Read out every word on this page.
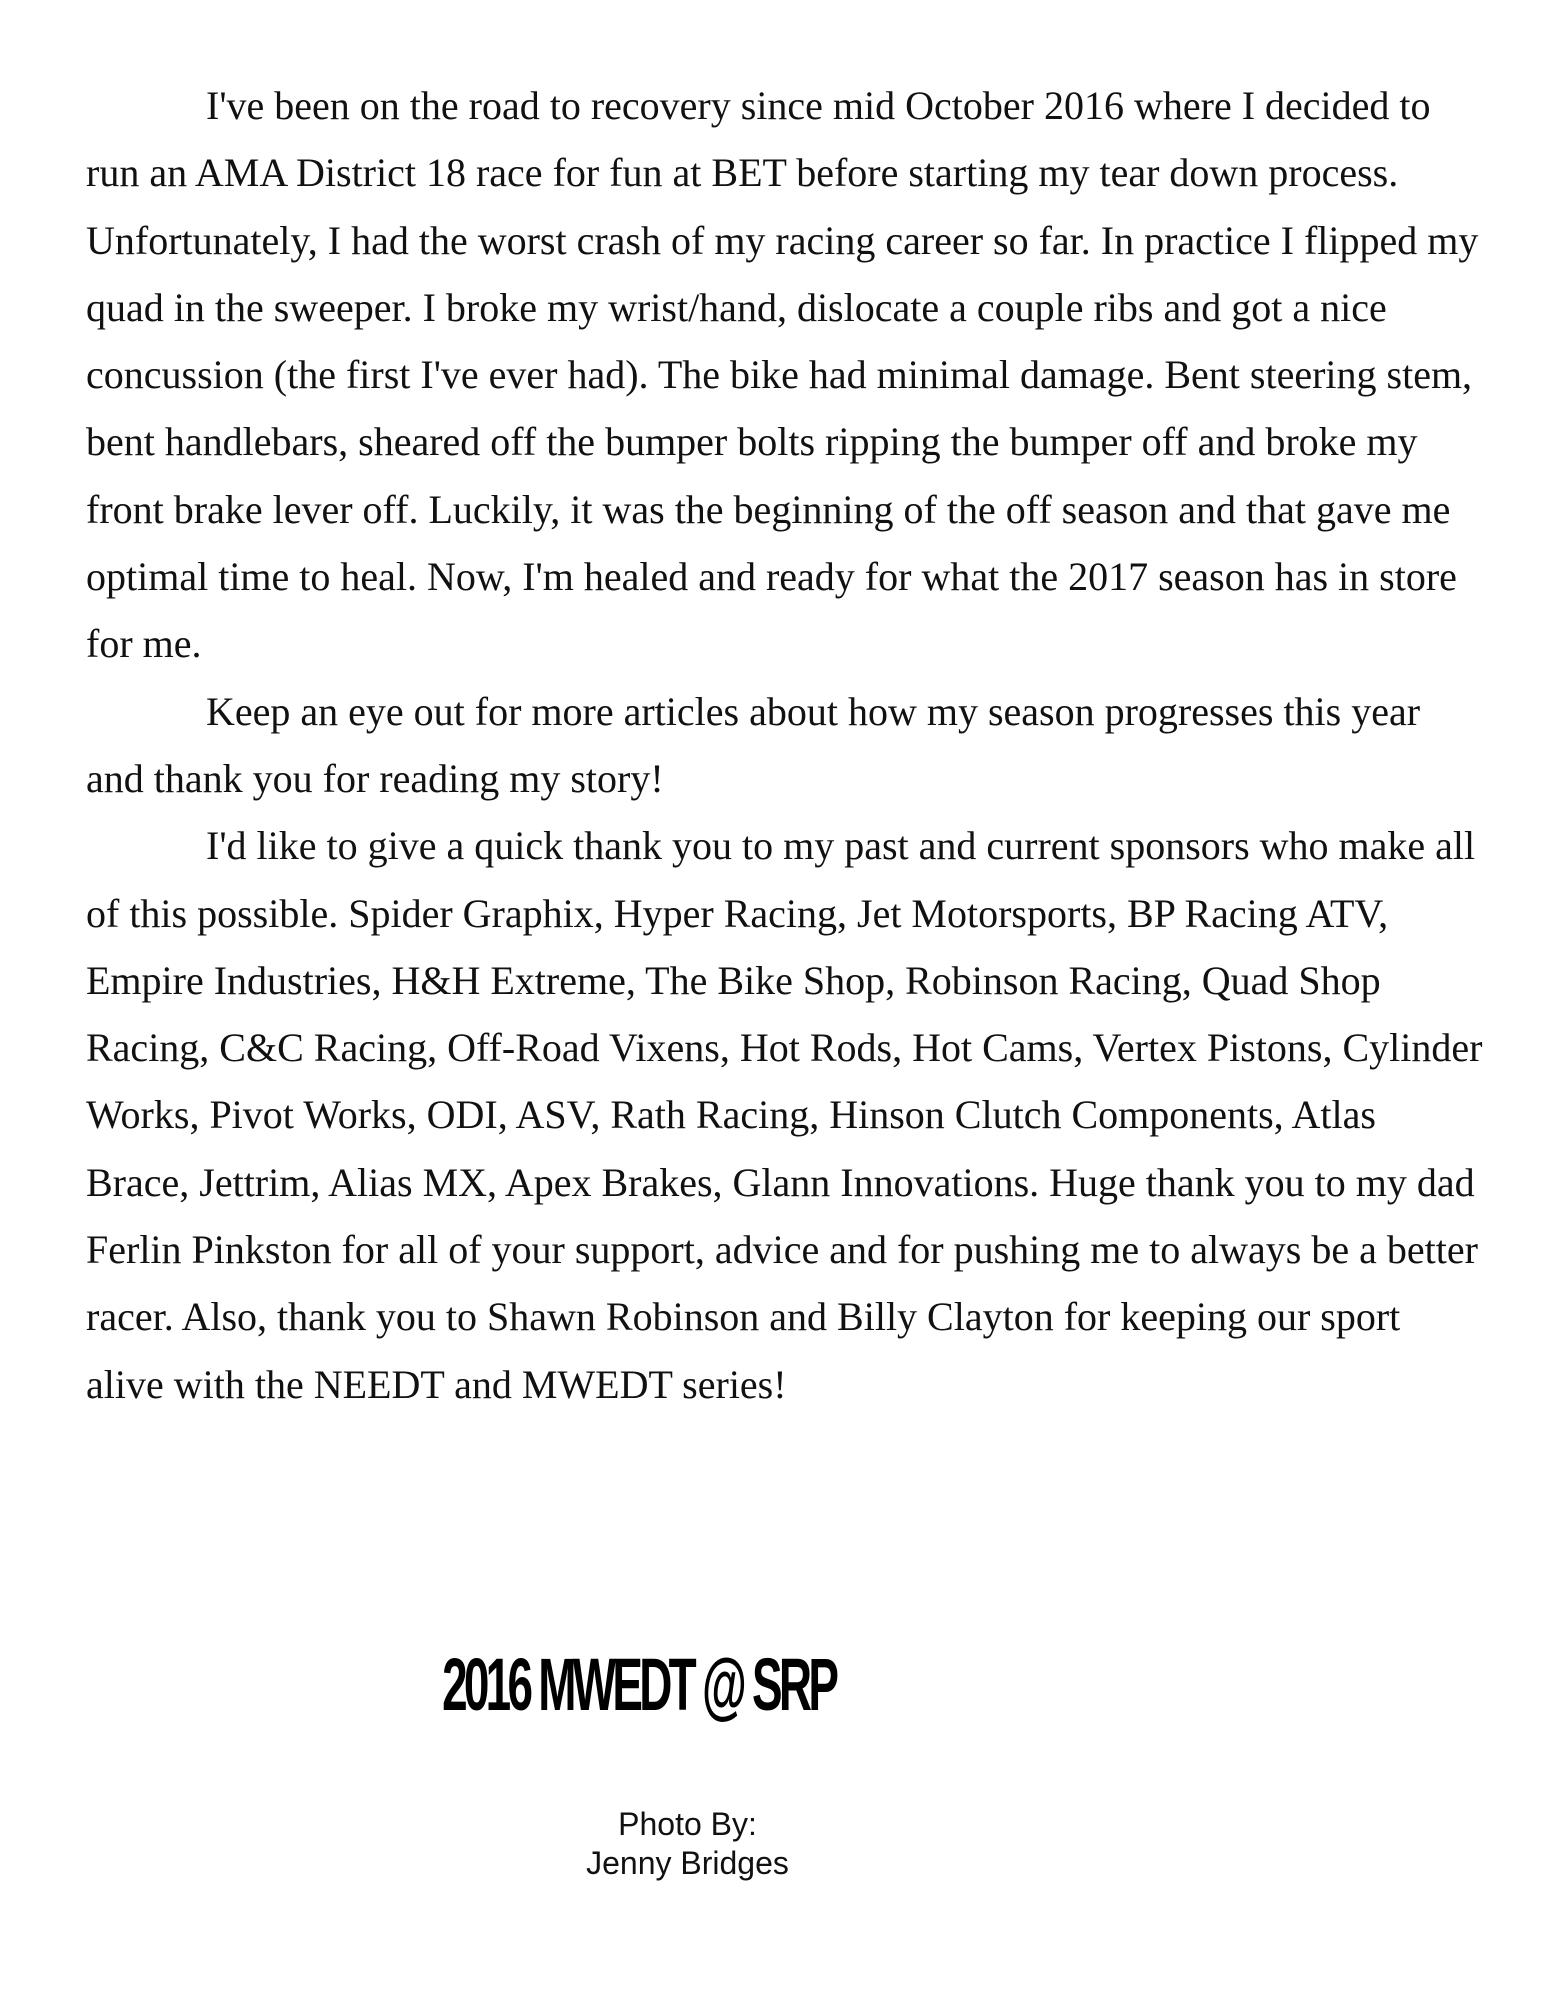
I've been on the road to recovery since mid October 2016 where I decided to run an AMA District 18 race for fun at BET before starting my tear down process. Unfortunately, I had the worst crash of my racing career so far. In practice I flipped my quad in the sweeper. I broke my wrist/hand, dislocate a couple ribs and got a nice concussion (the first I've ever had). The bike had minimal damage. Bent steering stem, bent handlebars, sheared off the bumper bolts ripping the bumper off and broke my front brake lever off. Luckily, it was the beginning of the off season and that gave me optimal time to heal. Now, I'm healed and ready for what the 2017 season has in store for me.

Keep an eye out for more articles about how my season progresses this year and thank you for reading my story!

I'd like to give a quick thank you to my past and current sponsors who make all of this possible. Spider Graphix, Hyper Racing, Jet Motorsports, BP Racing ATV, Empire Industries, H&H Extreme, The Bike Shop, Robinson Racing, Quad Shop Racing, C&C Racing, Off-Road Vixens, Hot Rods, Hot Cams, Vertex Pistons, Cylinder Works, Pivot Works, ODI, ASV, Rath Racing, Hinson Clutch Components, Atlas Brace, Jettrim, Alias MX, Apex Brakes, Glann Innovations. Huge thank you to my dad Ferlin Pinkston for all of your support, advice and for pushing me to always be a better racer. Also, thank you to Shawn Robinson and Billy Clayton for keeping our sport alive with the NEEDT and MWEDT series!

2016 MWEDT @ SRP
Photo By:
Jenny Bridges
